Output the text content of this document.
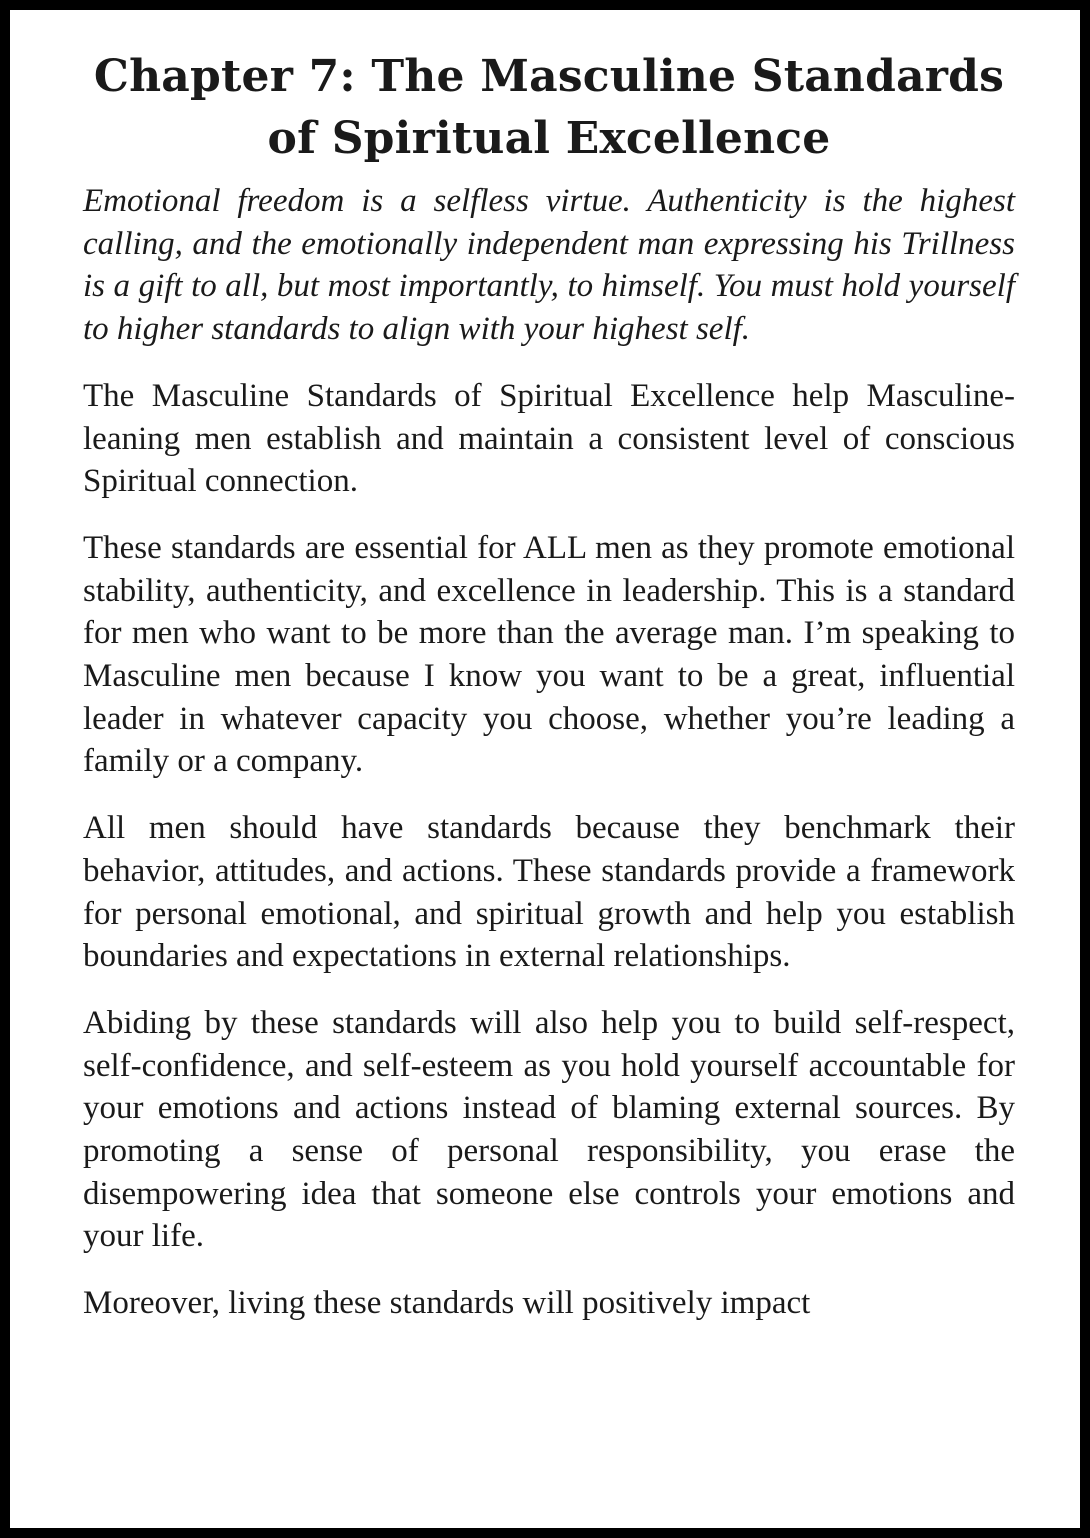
Chapter 7: The Masculine Standards of Spiritual Excellence

Emotional freedom is a selfless virtue. Authenticity is the highest calling, and the emotionally independent man expressing his Trillness is a gift to all, but most importantly, to himself. You must hold yourself to higher standards to align with your highest self.

The Masculine Standards of Spiritual Excellence help Masculine-leaning men establish and maintain a consistent level of conscious Spiritual connection.

These standards are essential for ALL men as they promote emotional stability, authenticity, and excellence in leadership. This is a standard for men who want to be more than the average man. I’m speaking to Masculine men because I know you want to be a great, influential leader in whatever capacity you choose, whether you’re leading a family or a company.

All men should have standards because they benchmark their behavior, attitudes, and actions. These standards provide a framework for personal emotional, and spiritual growth and help you establish boundaries and expectations in external relationships.

Abiding by these standards will also help you to build self-respect, self-confidence, and self-esteem as you hold yourself accountable for your emotions and actions instead of blaming external sources. By promoting a sense of personal responsibility, you erase the disempowering idea that someone else controls your emotions and your life.

Moreover, living these standards will positively impact
